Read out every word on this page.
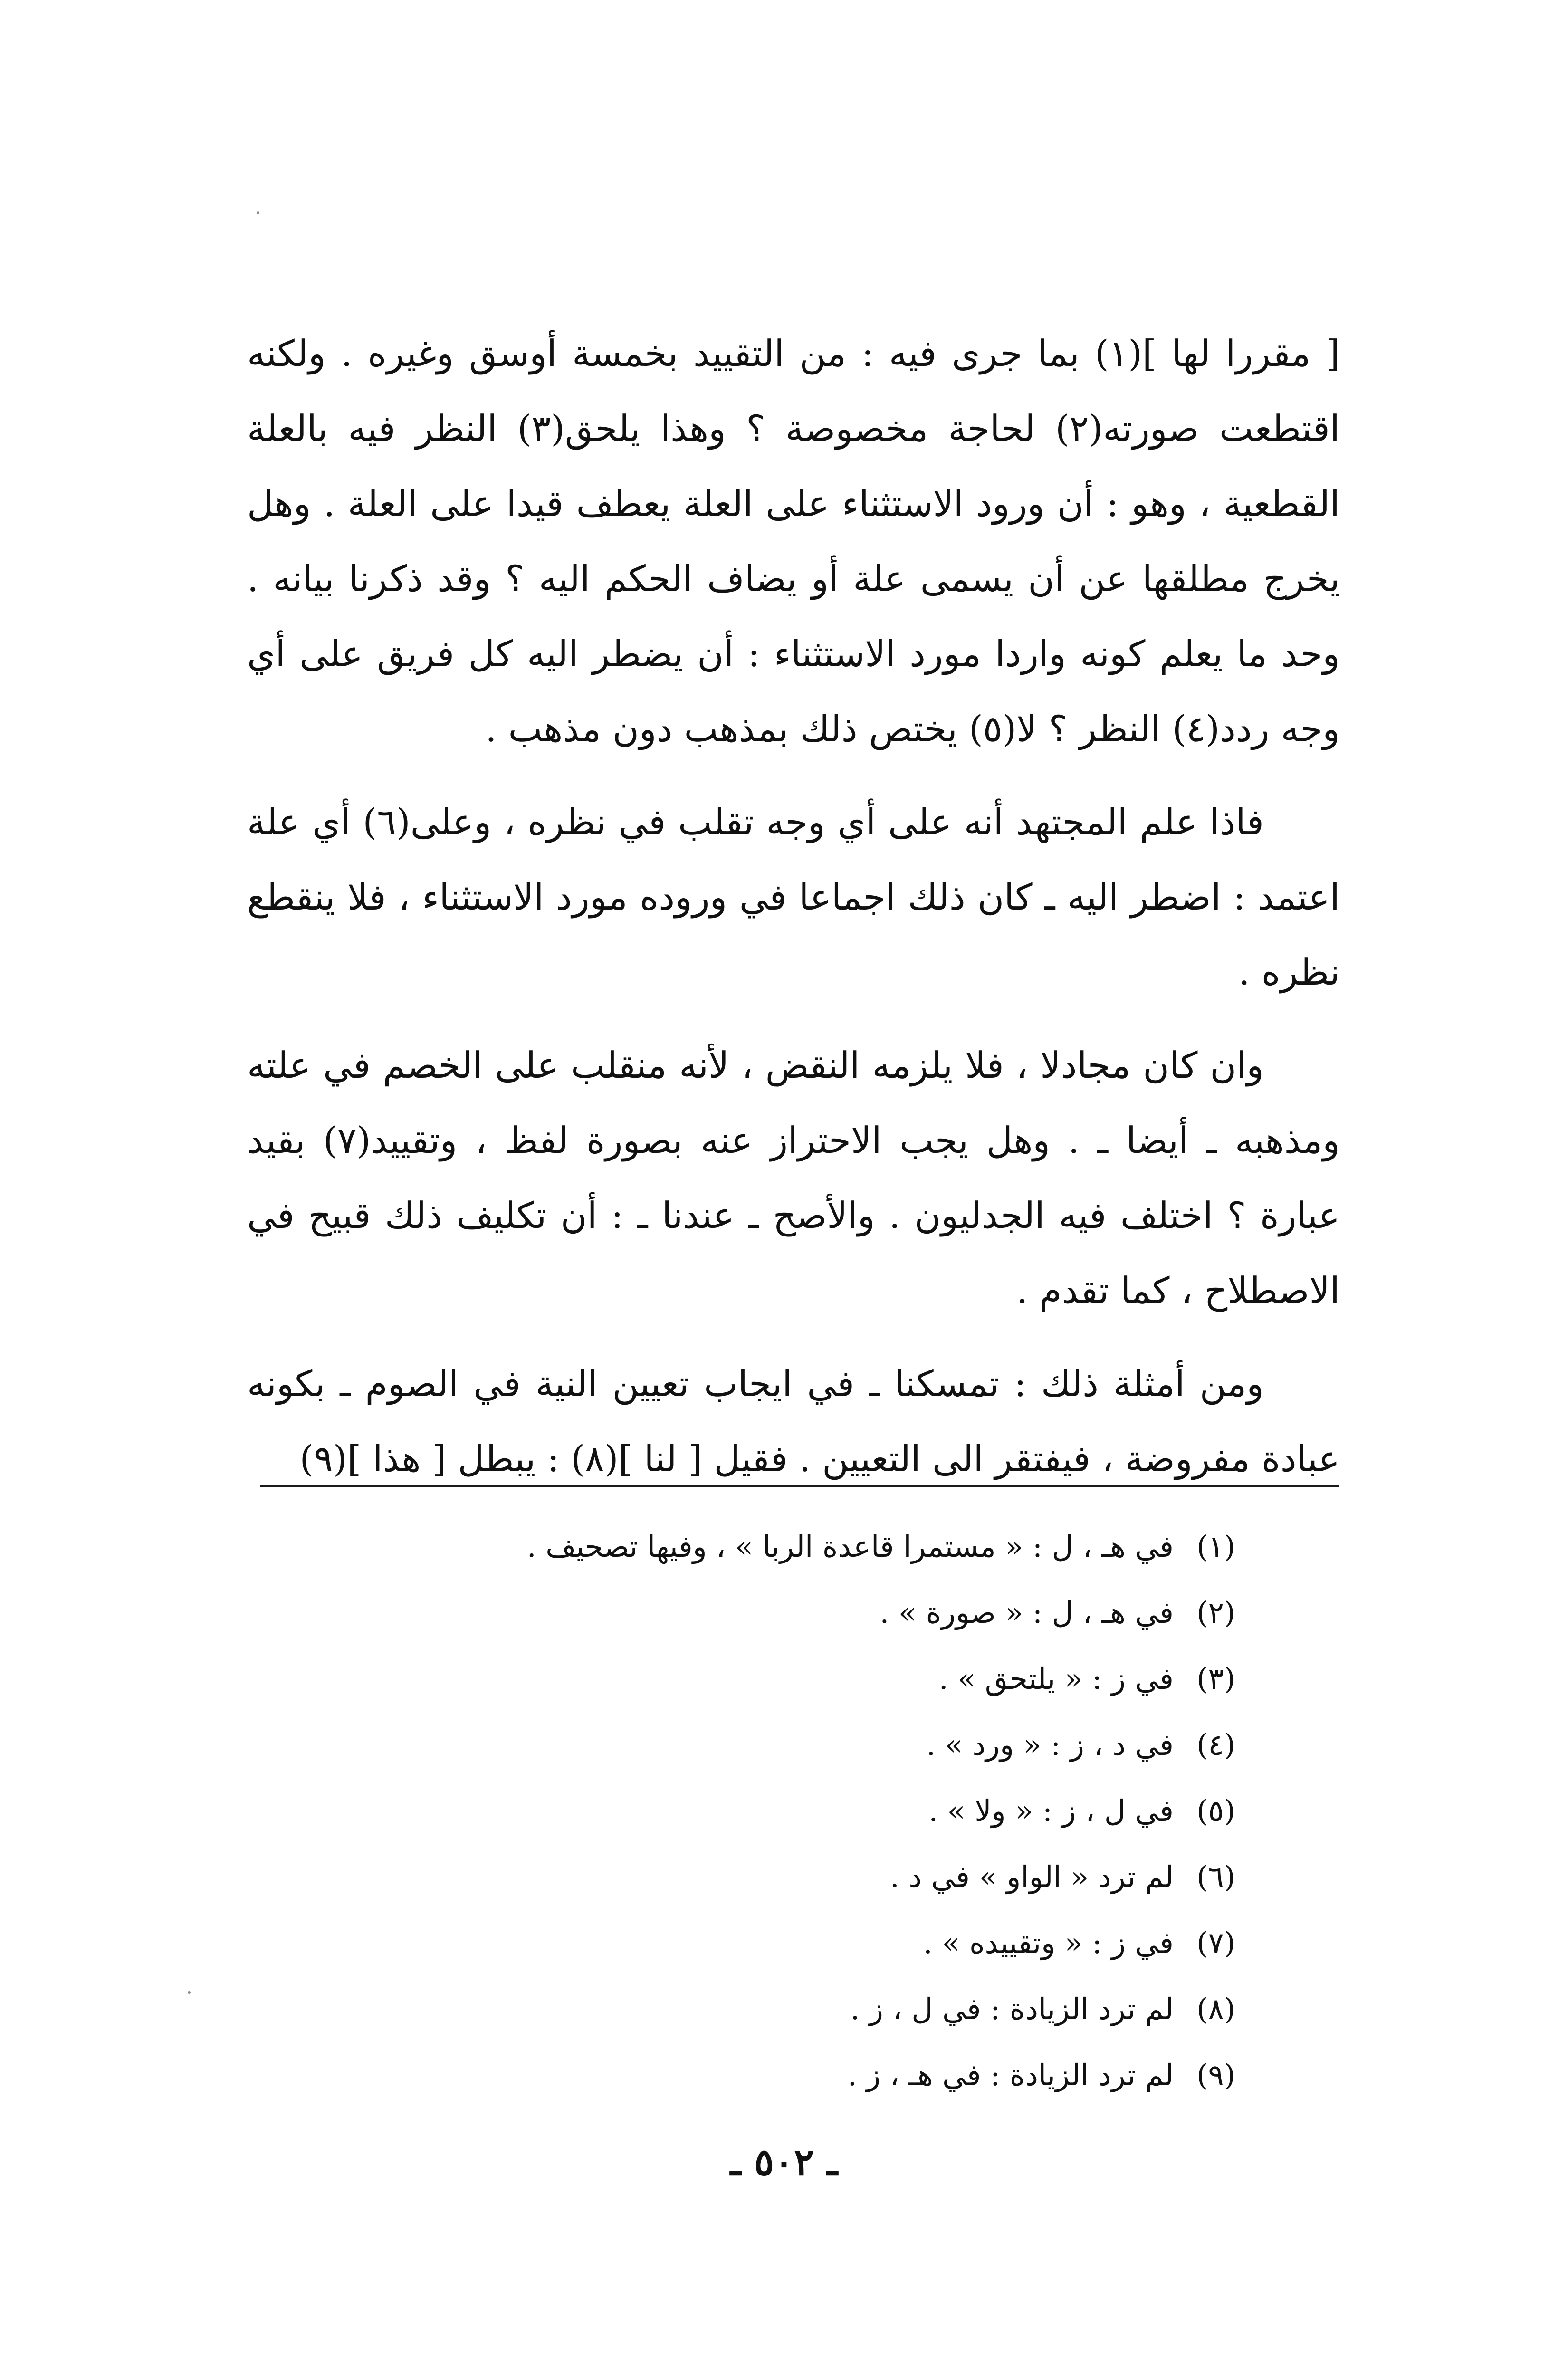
[ مقررا لها ](١) بما جرى فيه : من التقييد بخمسة أوسق وغيره . ولكنه اقتطعت صورته(٢) لحاجة مخصوصة ؟ وهذا يلحق(٣) النظر فيه بالعلة القطعية ، وهو : أن ورود الاستثناء على العلة يعطف قيدا على العلة . وهل يخرج مطلقها عن أن يسمى علة أو يضاف الحكم اليه ؟ وقد ذكرنا بيانه . وحد ما يعلم كونه واردا مورد الاستثناء : أن يضطر اليه كل فريق على أي وجه ردد(٤) النظر ؟ لا(٥) يختص ذلك بمذهب دون مذهب .

فاذا علم المجتهد أنه على أي وجه تقلب في نظره ، وعلى(٦) أي علة اعتمد : اضطر اليه ـ كان ذلك اجماعا في وروده مورد الاستثناء ، فلا ينقطع نظره .

وان كان مجادلا ، فلا يلزمه النقض ، لأنه منقلب على الخصم في علته ومذهبه ـ أيضا ـ . وهل يجب الاحتراز عنه بصورة لفظ ، وتقييد(٧) بقيد عبارة ؟ اختلف فيه الجدليون . والأصح ـ عندنا ـ : أن تكليف ذلك قبيح في الاصطلاح ، كما تقدم .

ومن أمثلة ذلك : تمسكنا ـ في ايجاب تعيين النية في الصوم ـ بكونه عبادة مفروضة ، فيفتقر الى التعيين . فقيل [ لنا ](٨) : يبطل [ هذا ](٩)

(١)
في هـ ، ل : « مستمرا قاعدة الربا » ، وفيها تصحيف .
(٢)
في هـ ، ل : « صورة » .
(٣)
في ز : « يلتحق » .
(٤)
في د ، ز : « ورد » .
(٥)
في ل ، ز : « ولا » .
(٦)
لم ترد « الواو » في د .
(٧)
في ز : « وتقييده » .
(٨)
لم ترد الزيادة : في ل ، ز .
(٩)
لم ترد الزيادة : في هـ ، ز .
ـ ٥٠٢ ـ
